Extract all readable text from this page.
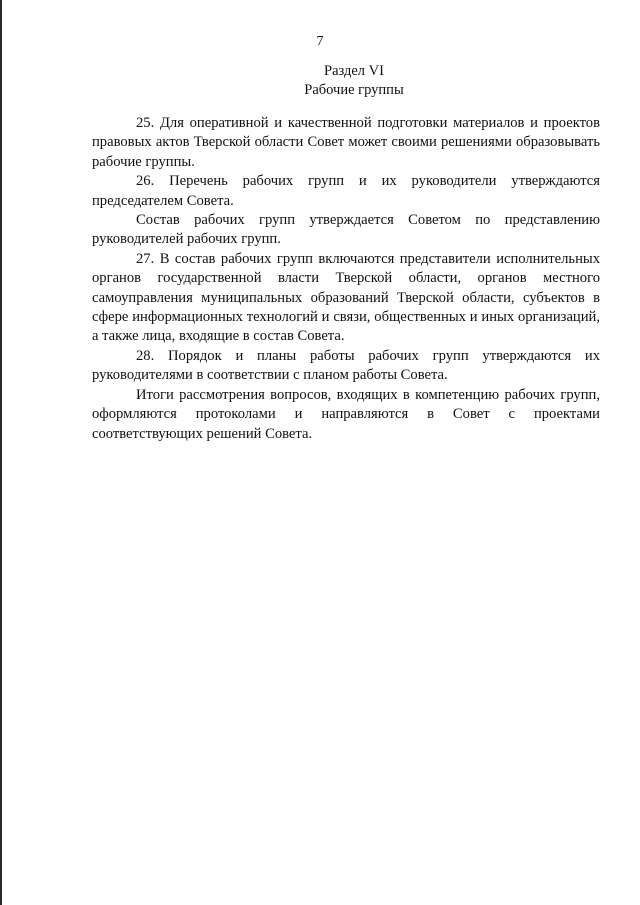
7
Раздел VI
Рабочие группы

25. Для оперативной и качественной подготовки материалов и проектов правовых актов Тверской области Совет может своими решениями образовывать рабочие группы.

26. Перечень рабочих групп и их руководители утверждаются председателем Совета.

Состав рабочих групп утверждается Советом по представлению руководителей рабочих групп.

27. В состав рабочих групп включаются представители исполнительных органов государственной власти Тверской области, органов местного самоуправления муниципальных образований Тверской области, субъектов в сфере информационных технологий и связи, общественных и иных организаций, а также лица, входящие в состав Совета.

28. Порядок и планы работы рабочих групп утверждаются их руководителями в соответствии с планом работы Совета.

Итоги рассмотрения вопросов, входящих в компетенцию рабочих групп, оформляются протоколами и направляются в Совет с проектами соответствующих решений Совета.
